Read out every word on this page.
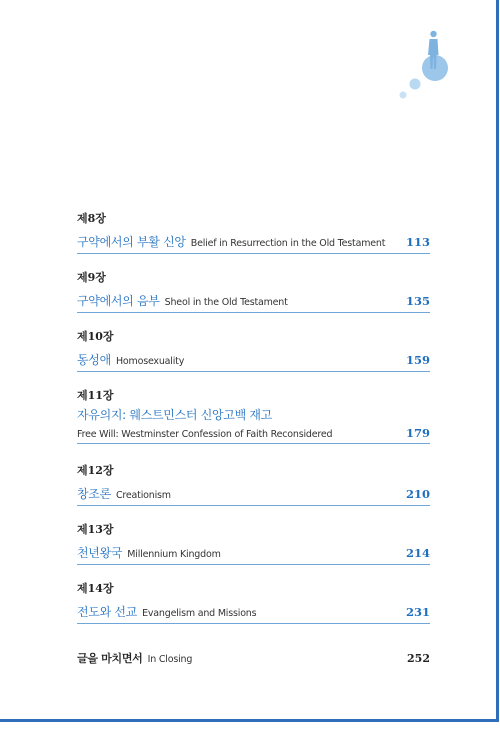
제8장
구약에서의 부활 신앙 Belief in Resurrection in the Old Testament 113
제9장
구약에서의 음부 Sheol in the Old Testament	135
제10장
동성애 Homosexuality	159
제11장
자유의지: 웨스트민스터 신앙고백 재고
Free Will: Westminster Confession of Faith Reconsidered	179
제12장
창조론 Creationism	210
제13장
천년왕국 Millennium Kingdom	214
제14장
전도와 선교 Evangelism and Missions	231
글을 마치면서 In Closing	252
